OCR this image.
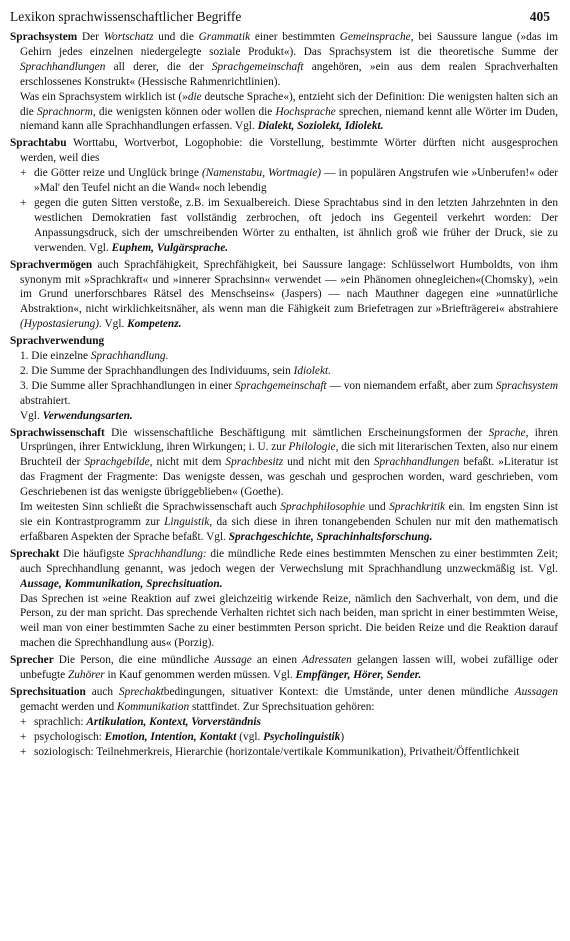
Lexikon sprachwissenschaftlicher Begriffe	405
Sprachsystem Der Wortschatz und die Grammatik einer bestimmten Gemeinsprache, bei Saussure langue (»das im Gehirn jedes einzelnen niedergelegte soziale Produkt«). Das Sprachsystem ist die theoretische Summe der Sprachhandlungen all derer, die der Sprachgemeinschaft angehören, »ein aus dem realen Sprachverhalten erschlossenes Konstrukt« (Hessische Rahmenrichtlinien).
Was ein Sprachsystem wirklich ist (»die deutsche Sprache«), entzieht sich der Definition: Die wenigsten halten sich an die Sprachnorm, die wenigsten können oder wollen die Hochsprache sprechen, niemand kennt alle Wörter im Duden, niemand kann alle Sprachhandlungen erfassen. Vgl. Dialekt, Soziolekt, Idiolekt.
Sprachtabu Worttabu, Wortverbot, Logophobie: die Vorstellung, bestimmte Wörter dürften nicht ausgesprochen werden, weil dies
+ die Götter reize und Unglück bringe (Namenstabu, Wortmagie) — in populären Angstrufen wie »Unberufen!« oder »Mal' den Teufel nicht an die Wand« noch lebendig
+ gegen die guten Sitten verstoße, z.B. im Sexualbereich. Diese Sprachtabus sind in den letzten Jahrzehnten in den westlichen Demokratien fast vollständig zerbrochen, oft jedoch ins Gegenteil verkehrt worden: Der Anpassungsdruck, sich der umschreibenden Wörter zu enthalten, ist ähnlich groß wie früher der Druck, sie zu verwenden. Vgl. Euphem, Vulgärsprache.
Sprachvermögen auch Sprachfähigkeit, Sprechfähigkeit, bei Saussure langage: Schlüsselwort Humboldts, von ihm synonym mit »Sprachkraft« und »innerer Sprachsinn« verwendet — »ein Phänomen ohnegleichen«(Chomsky), »ein im Grund unerforschbares Rätsel des Menschseins« (Jaspers) — nach Mauthner dagegen eine »unnatürliche Abstraktion«, nicht wirklichkeitsnäher, als wenn man die Fähigkeit zum Briefetragen zur »Briefträgerei« abstrahiere (Hypostasierung). Vgl. Kompetenz.
Sprachverwendung
1. Die einzelne Sprachhandlung.
2. Die Summe der Sprachhandlungen des Individuums, sein Idiolekt.
3. Die Summe aller Sprachhandlungen in einer Sprachgemeinschaft — von niemandem erfaßt, aber zum Sprachsystem abstrahiert.
Vgl. Verwendungsarten.
Sprachwissenschaft Die wissenschaftliche Beschäftigung mit sämtlichen Erscheinungsformen der Sprache, ihren Ursprüngen, ihrer Entwicklung, ihren Wirkungen; i. U. zur Philologie, die sich mit literarischen Texten, also nur einem Bruchteil der Sprachgebilde, nicht mit dem Sprachbesitz und nicht mit den Sprachhandlungen befaßt. »Literatur ist das Fragment der Fragmente: Das wenigste dessen, was geschah und gesprochen worden, ward geschrieben, vom Geschriebenen ist das wenigste übriggeblieben« (Goethe).
Im weitesten Sinn schließt die Sprachwissenschaft auch Sprachphilosophie und Sprachkritik ein. Im engsten Sinn ist sie ein Kontrastprogramm zur Linguistik, da sich diese in ihren tonangebenden Schulen nur mit den mathematisch erfaßbaren Aspekten der Sprache befaßt. Vgl. Sprachgeschichte, Sprachinhaltsforschung.
Sprechakt Die häufigste Sprachhandlung: die mündliche Rede eines bestimmten Menschen zu einer bestimmten Zeit; auch Sprechhandlung genannt, was jedoch wegen der Verwechslung mit Sprachhandlung unzweckmäßig ist. Vgl. Aussage, Kommunikation, Sprechsituation.
Das Sprechen ist »eine Reaktion auf zwei gleichzeitig wirkende Reize, nämlich den Sachverhalt, von dem, und die Person, zu der man spricht. Das sprechende Verhalten richtet sich nach beiden, man spricht in einer bestimmten Weise, weil man von einer bestimmten Sache zu einer bestimmten Person spricht. Die beiden Reize und die Reaktion darauf machen die Sprechhandlung aus« (Porzig).
Sprecher Die Person, die eine mündliche Aussage an einen Adressaten gelangen lassen will, wobei zufällige oder unbefugte Zuhörer in Kauf genommen werden müssen. Vgl. Empfänger, Hörer, Sender.
Sprechsituation auch Sprechaktbedingungen, situativer Kontext: die Umstände, unter denen mündliche Aussagen gemacht werden und Kommunikation stattfindet. Zur Sprechsituation gehören:
+ sprachlich: Artikulation, Kontext, Vorverständnis
+ psychologisch: Emotion, Intention, Kontakt (vgl. Psycholinguistik)
+ soziologisch: Teilnehmerkreis, Hierarchie (horizontale/vertikale Kommunikation), Privatheit/Öffentlichkeit
